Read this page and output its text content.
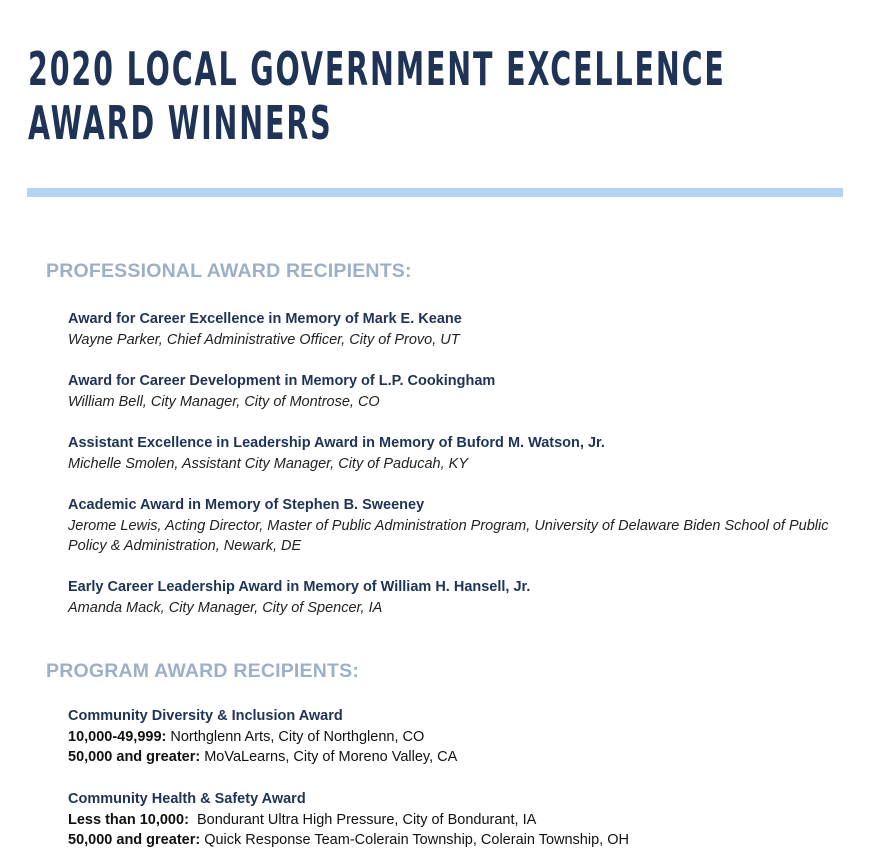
2020 LOCAL GOVERNMENT EXCELLENCE
AWARD WINNERS
PROFESSIONAL AWARD RECIPIENTS:
Award for Career Excellence in Memory of Mark E. Keane
Wayne Parker, Chief Administrative Officer, City of Provo, UT
Award for Career Development in Memory of L.P. Cookingham
William Bell, City Manager, City of Montrose, CO
Assistant Excellence in Leadership Award in Memory of Buford M. Watson, Jr.
Michelle Smolen, Assistant City Manager, City of Paducah, KY
Academic Award in Memory of Stephen B. Sweeney
Jerome Lewis, Acting Director, Master of Public Administration Program, University of Delaware Biden School of Public Policy & Administration, Newark, DE
Early Career Leadership Award in Memory of William H. Hansell, Jr.
Amanda Mack, City Manager, City of Spencer, IA
PROGRAM AWARD RECIPIENTS:
Community Diversity & Inclusion Award
10,000-49,999: Northglenn Arts, City of Northglenn, CO
50,000 and greater: MoVaLearns, City of Moreno Valley, CA
Community Health & Safety Award
Less than 10,000:  Bondurant Ultra High Pressure, City of Bondurant, IA
50,000 and greater: Quick Response Team-Colerain Township, Colerain Township, OH
